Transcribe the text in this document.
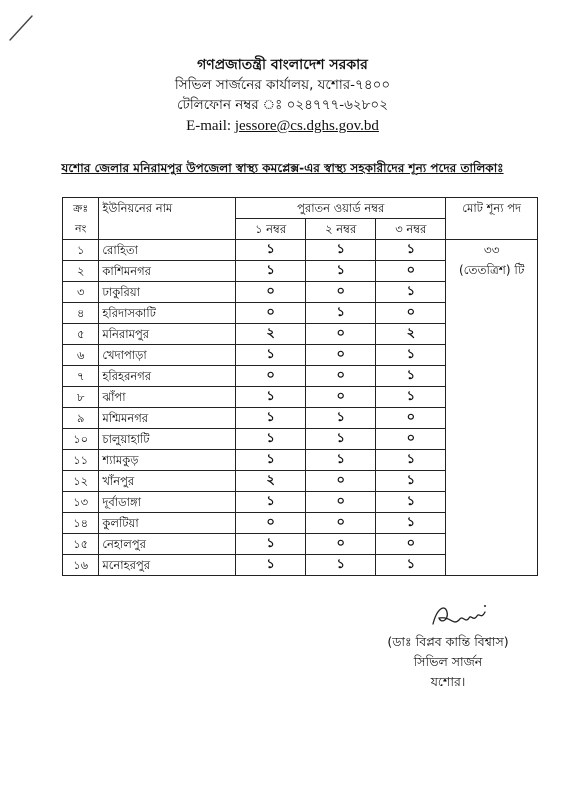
গণপ্রজাতন্ত্রী বাংলাদেশ সরকার
সিভিল সার্জনের কার্যালয়, যশোর-৭৪০০
টেলিফোন নম্বর ঃ ০২৪৭৭৭-৬২৮০২
E-mail: jessore@cs.dghs.gov.bd
যশোর জেলার মনিরামপুর উপজেলা স্বাস্থ্য কমপ্লেক্স-এর স্বাস্থ্য সহকারীদের শূন্য পদের তালিকাঃ
ক্রঃ নং	ইউনিয়নের নাম	পুরাতন ওয়ার্ড নম্বর			মোট শূন্য পদ
		১ নম্বর	২ নম্বর	৩ নম্বর	
১	রোহিতা	১	১	১	৩৩
(তেতত্রিশ) টি

২	কাশিমনগর	১	১	০	
৩	ঢাকুরিয়া	০	০	১	
৪	হরিদাসকাটি	০	১	০	
৫	মনিরামপুর	২	০	২	
৬	খেদাপাড়া	১	০	১	
৭	হরিহরনগর	০	০	১	
৮	ঝাঁপা	১	০	১	
৯	মশ্মিমনগর	১	১	০	
১০	চালুয়াহাটি	১	১	০	
১১	শ্যামকুড়	১	১	১	
১২	খাঁনপুর	২	০	১	
১৩	দূর্বাডাঙ্গা	১	০	১	
১৪	কুলটিয়া	০	০	১	
১৫	নেহালপুর	১	০	০	
১৬	মনোহরপুর	১	১	১	
(ডাঃ বিপ্লব কান্তি বিশ্বাস)
সিভিল সার্জন
যশোর।
